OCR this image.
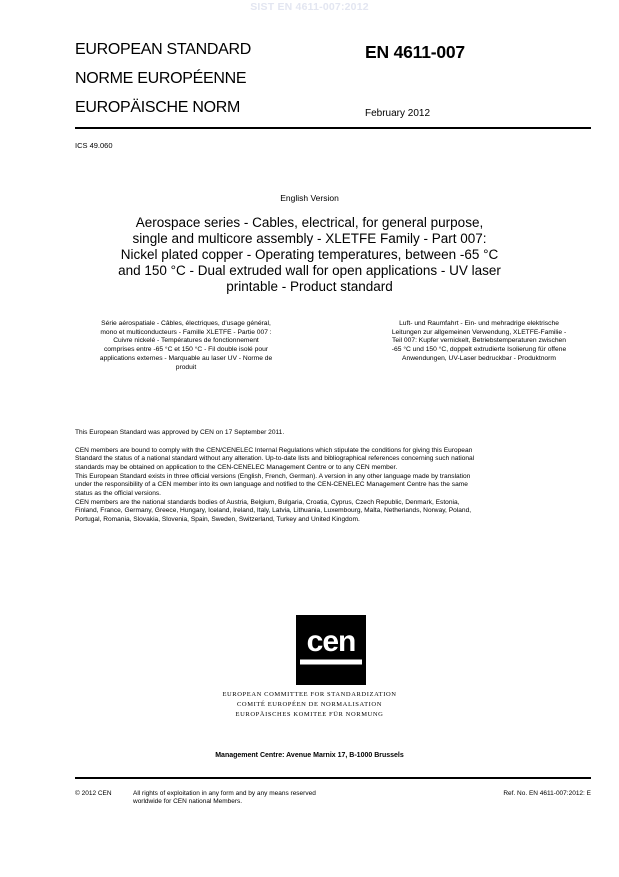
SIST EN 4611-007:2012
EUROPEAN STANDARD
NORME EUROPÉENNE
EUROPÄISCHE NORM
EN 4611-007
February 2012
ICS 49.060
English Version
Aerospace series - Cables, electrical, for general purpose,
single and multicore assembly - XLETFE Family - Part 007:
Nickel plated copper - Operating temperatures, between -65 °C
and 150 °C - Dual extruded wall for open applications - UV laser
printable - Product standard
Série aérospatiale - Câbles, électriques, d'usage général,
mono et multiconducteurs - Famille XLETFE - Partie 007 :
Cuivre nickelé - Températures de fonctionnement
comprises entre -65 °C et 150 °C - Fil double isolé pour
applications externes - Marquable au laser UV - Norme de
produit
Luft- und Raumfahrt - Ein- und mehradrige elektrische
Leitungen zur allgemeinen Verwendung, XLETFE-Familie -
Teil 007: Kupfer vernickelt, Betriebstemperaturen zwischen
-65 °C und 150 °C, doppelt extrudierte Isolierung für offene
Anwendungen, UV-Laser bedruckbar - Produktnorm
This European Standard was approved by CEN on 17 September 2011.
CEN members are bound to comply with the CEN/CENELEC Internal Regulations which stipulate the conditions for giving this European
Standard the status of a national standard without any alteration. Up-to-date lists and bibliographical references concerning such national
standards may be obtained on application to the CEN-CENELEC Management Centre or to any CEN member.
This European Standard exists in three official versions (English, French, German). A version in any other language made by translation
under the responsibility of a CEN member into its own language and notified to the CEN-CENELEC Management Centre has the same
status as the official versions.
CEN members are the national standards bodies of Austria, Belgium, Bulgaria, Croatia, Cyprus, Czech Republic, Denmark, Estonia,
Finland, France, Germany, Greece, Hungary, Iceland, Ireland, Italy, Latvia, Lithuania, Luxembourg, Malta, Netherlands, Norway, Poland,
Portugal, Romania, Slovakia, Slovenia, Spain, Sweden, Switzerland, Turkey and United Kingdom.
cen
EUROPEAN COMMITTEE FOR STANDARDIZATION
COMITÉ EUROPÉEN DE NORMALISATION
EUROPÄISCHES KOMITEE FÜR NORMUNG
Management Centre: Avenue Marnix 17, B-1000 Brussels
© 2012 CEN	All rights of exploitation in any form and by any means reserved
worldwide for CEN national Members.
Ref. No. EN 4611-007:2012: E
